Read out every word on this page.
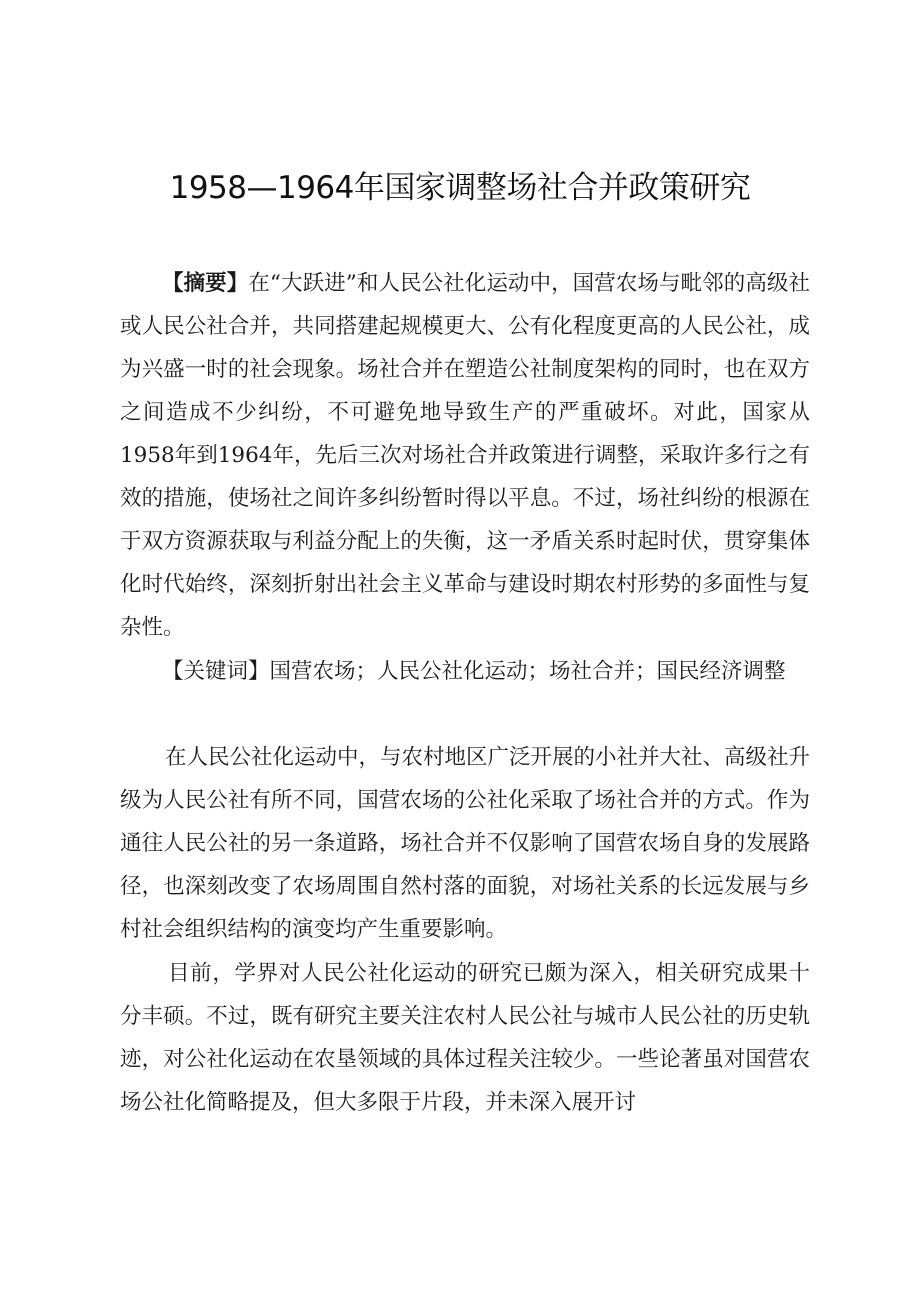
1958—1964年国家调整场社合并政策研究

【摘要】在“大跃进”和人民公社化运动中，国营农场与毗邻的高级社或人民公社合并，共同搭建起规模更大、公有化程度更高的人民公社，成为兴盛一时的社会现象。场社合并在塑造公社制度架构的同时，也在双方之间造成不少纠纷，不可避免地导致生产的严重破坏。对此，国家从1958年到1964年，先后三次对场社合并政策进行调整，采取许多行之有效的措施，使场社之间许多纠纷暂时得以平息。不过，场社纠纷的根源在于双方资源获取与利益分配上的失衡，这一矛盾关系时起时伏，贯穿集体化时代始终，深刻折射出社会主义革命与建设时期农村形势的多面性与复杂性。

【关键词】国营农场；人民公社化运动；场社合并；国民经济调整

在人民公社化运动中，与农村地区广泛开展的小社并大社、高级社升级为人民公社有所不同，国营农场的公社化采取了场社合并的方式。作为通往人民公社的另一条道路，场社合并不仅影响了国营农场自身的发展路径，也深刻改变了农场周围自然村落的面貌，对场社关系的长远发展与乡村社会组织结构的演变均产生重要影响。

目前，学界对人民公社化运动的研究已颇为深入，相关研究成果十分丰硕。不过，既有研究主要关注农村人民公社与城市人民公社的历史轨迹，对公社化运动在农垦领域的具体过程关注较少。一些论著虽对国营农场公社化简略提及，但大多限于片段，并未深入展开讨
